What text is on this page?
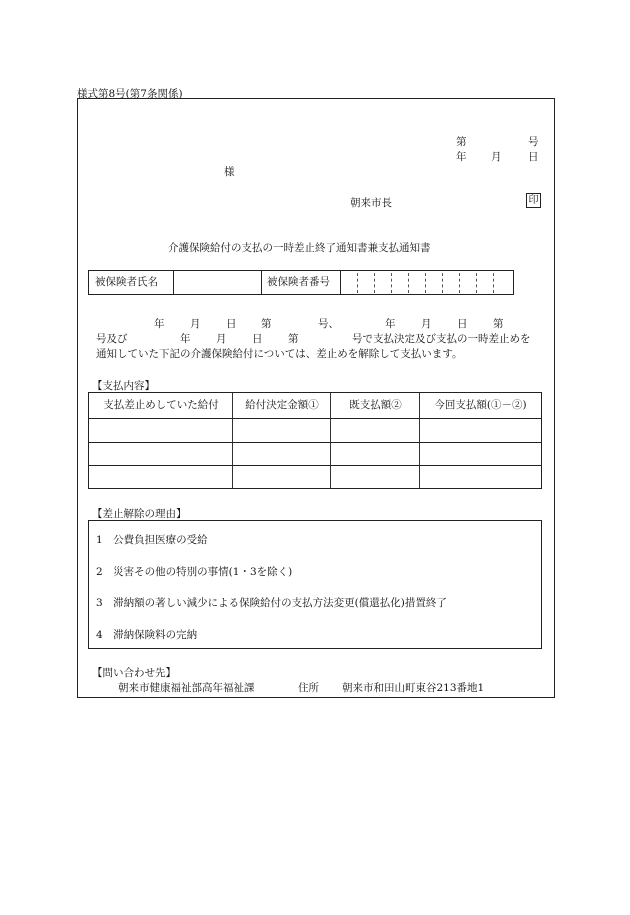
様式第8号(第7条関係)
第	号
年 月	日
様
朝来市長	印
介護保険給付の支払の一時差止終了通知書兼支払通知書
被保険者氏名	被保険者番号
年 月 日 第	号、	年 月 日 第
号及び	年 月 日 第	号で支払決定及び支払の一時差止めを
通知していた下記の介護保険給付については、差止めを解除して支払います。
【支払内容】
支払差止めしていた給付	給付決定金額①	既支払額②	今回支払額(①－②)
【差止解除の理由】
1　公費負担医療の受給
2　災害その他の特別の事情(1・3を除く)
3　滞納額の著しい減少による保険給付の支払方法変更(償還払化)措置終了
4　滞納保険料の完納
【問い合わせ先】
朝来市健康福祉部高年福祉課	住所 朝来市和田山町東谷213番地1
